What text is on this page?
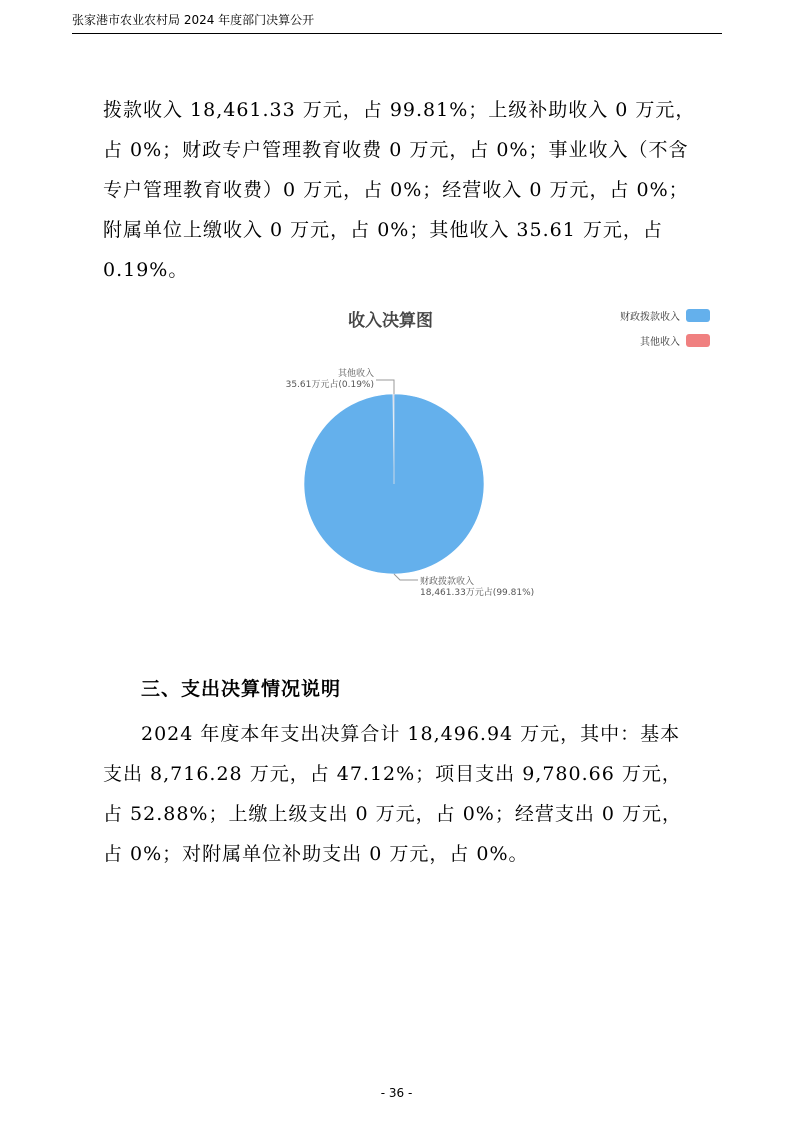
张家港市农业农村局 2024 年度部门决算公开

拨款收入 18,461.33 万元，占 99.81%；上级补助收入 0 万元，占 0%；财政专户管理教育收费 0 万元，占 0%；事业收入（不含专户管理教育收费）0 万元，占 0%；经营收入 0 万元，占 0%；附属单位上缴收入 0 万元，占 0%；其他收入 35.61 万元，占 0.19%。

收入决算图	财政拨款收入
其他收入
其他收入
35.61万元占(0.19%)
财政拨款收入
18,461.33万元占(99.81%)
三、支出决算情况说明

2024 年度本年支出决算合计 18,496.94 万元，其中：基本支出 8,716.28 万元，占 47.12%；项目支出 9,780.66 万元，占 52.88%；上缴上级支出 0 万元，占 0%；经营支出 0 万元，占 0%；对附属单位补助支出 0 万元，占 0%。

- 36 -
